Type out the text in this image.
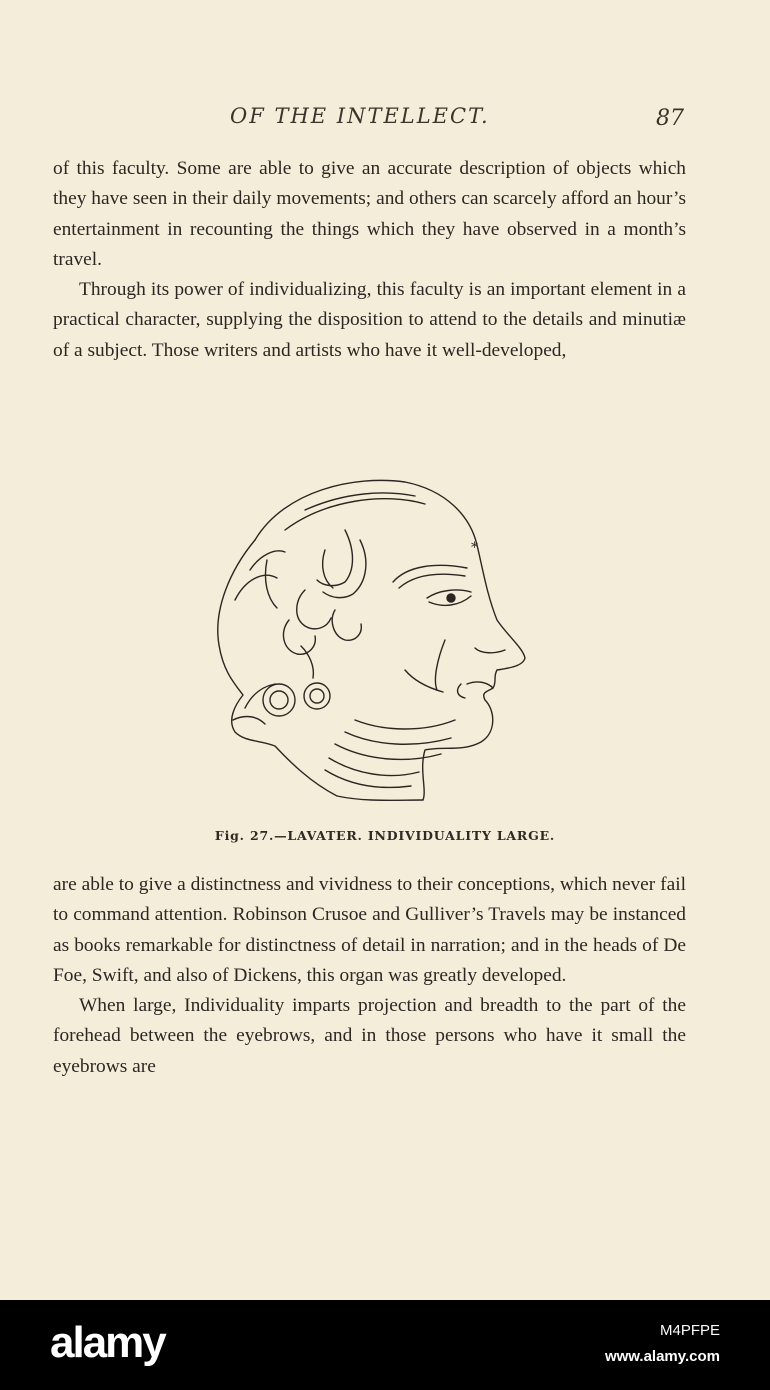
OF THE INTELLECT.	87

of this faculty. Some are able to give an accurate description of objects which they have seen in their daily movements; and others can scarcely afford an hour’s entertainment in recounting the things which they have observed in a month’s travel.

Through its power of individualizing, this faculty is an important element in a practical character, supplying the disposition to attend to the details and minutiæ of a subject. Those writers and artists who have it well-developed,

*
Fig. 27.—LAVATER. INDIVIDUALITY LARGE.

are able to give a distinctness and vividness to their conceptions, which never fail to command attention. Robinson Crusoe and Gulliver’s Travels may be instanced as books remarkable for distinctness of detail in narration; and in the heads of De Foe, Swift, and also of Dickens, this organ was greatly developed.

When large, Individuality imparts projection and breadth to the part of the forehead between the eyebrows, and in those persons who have it small the eyebrows are

alamy	M4PFPE
www.alamy.com
